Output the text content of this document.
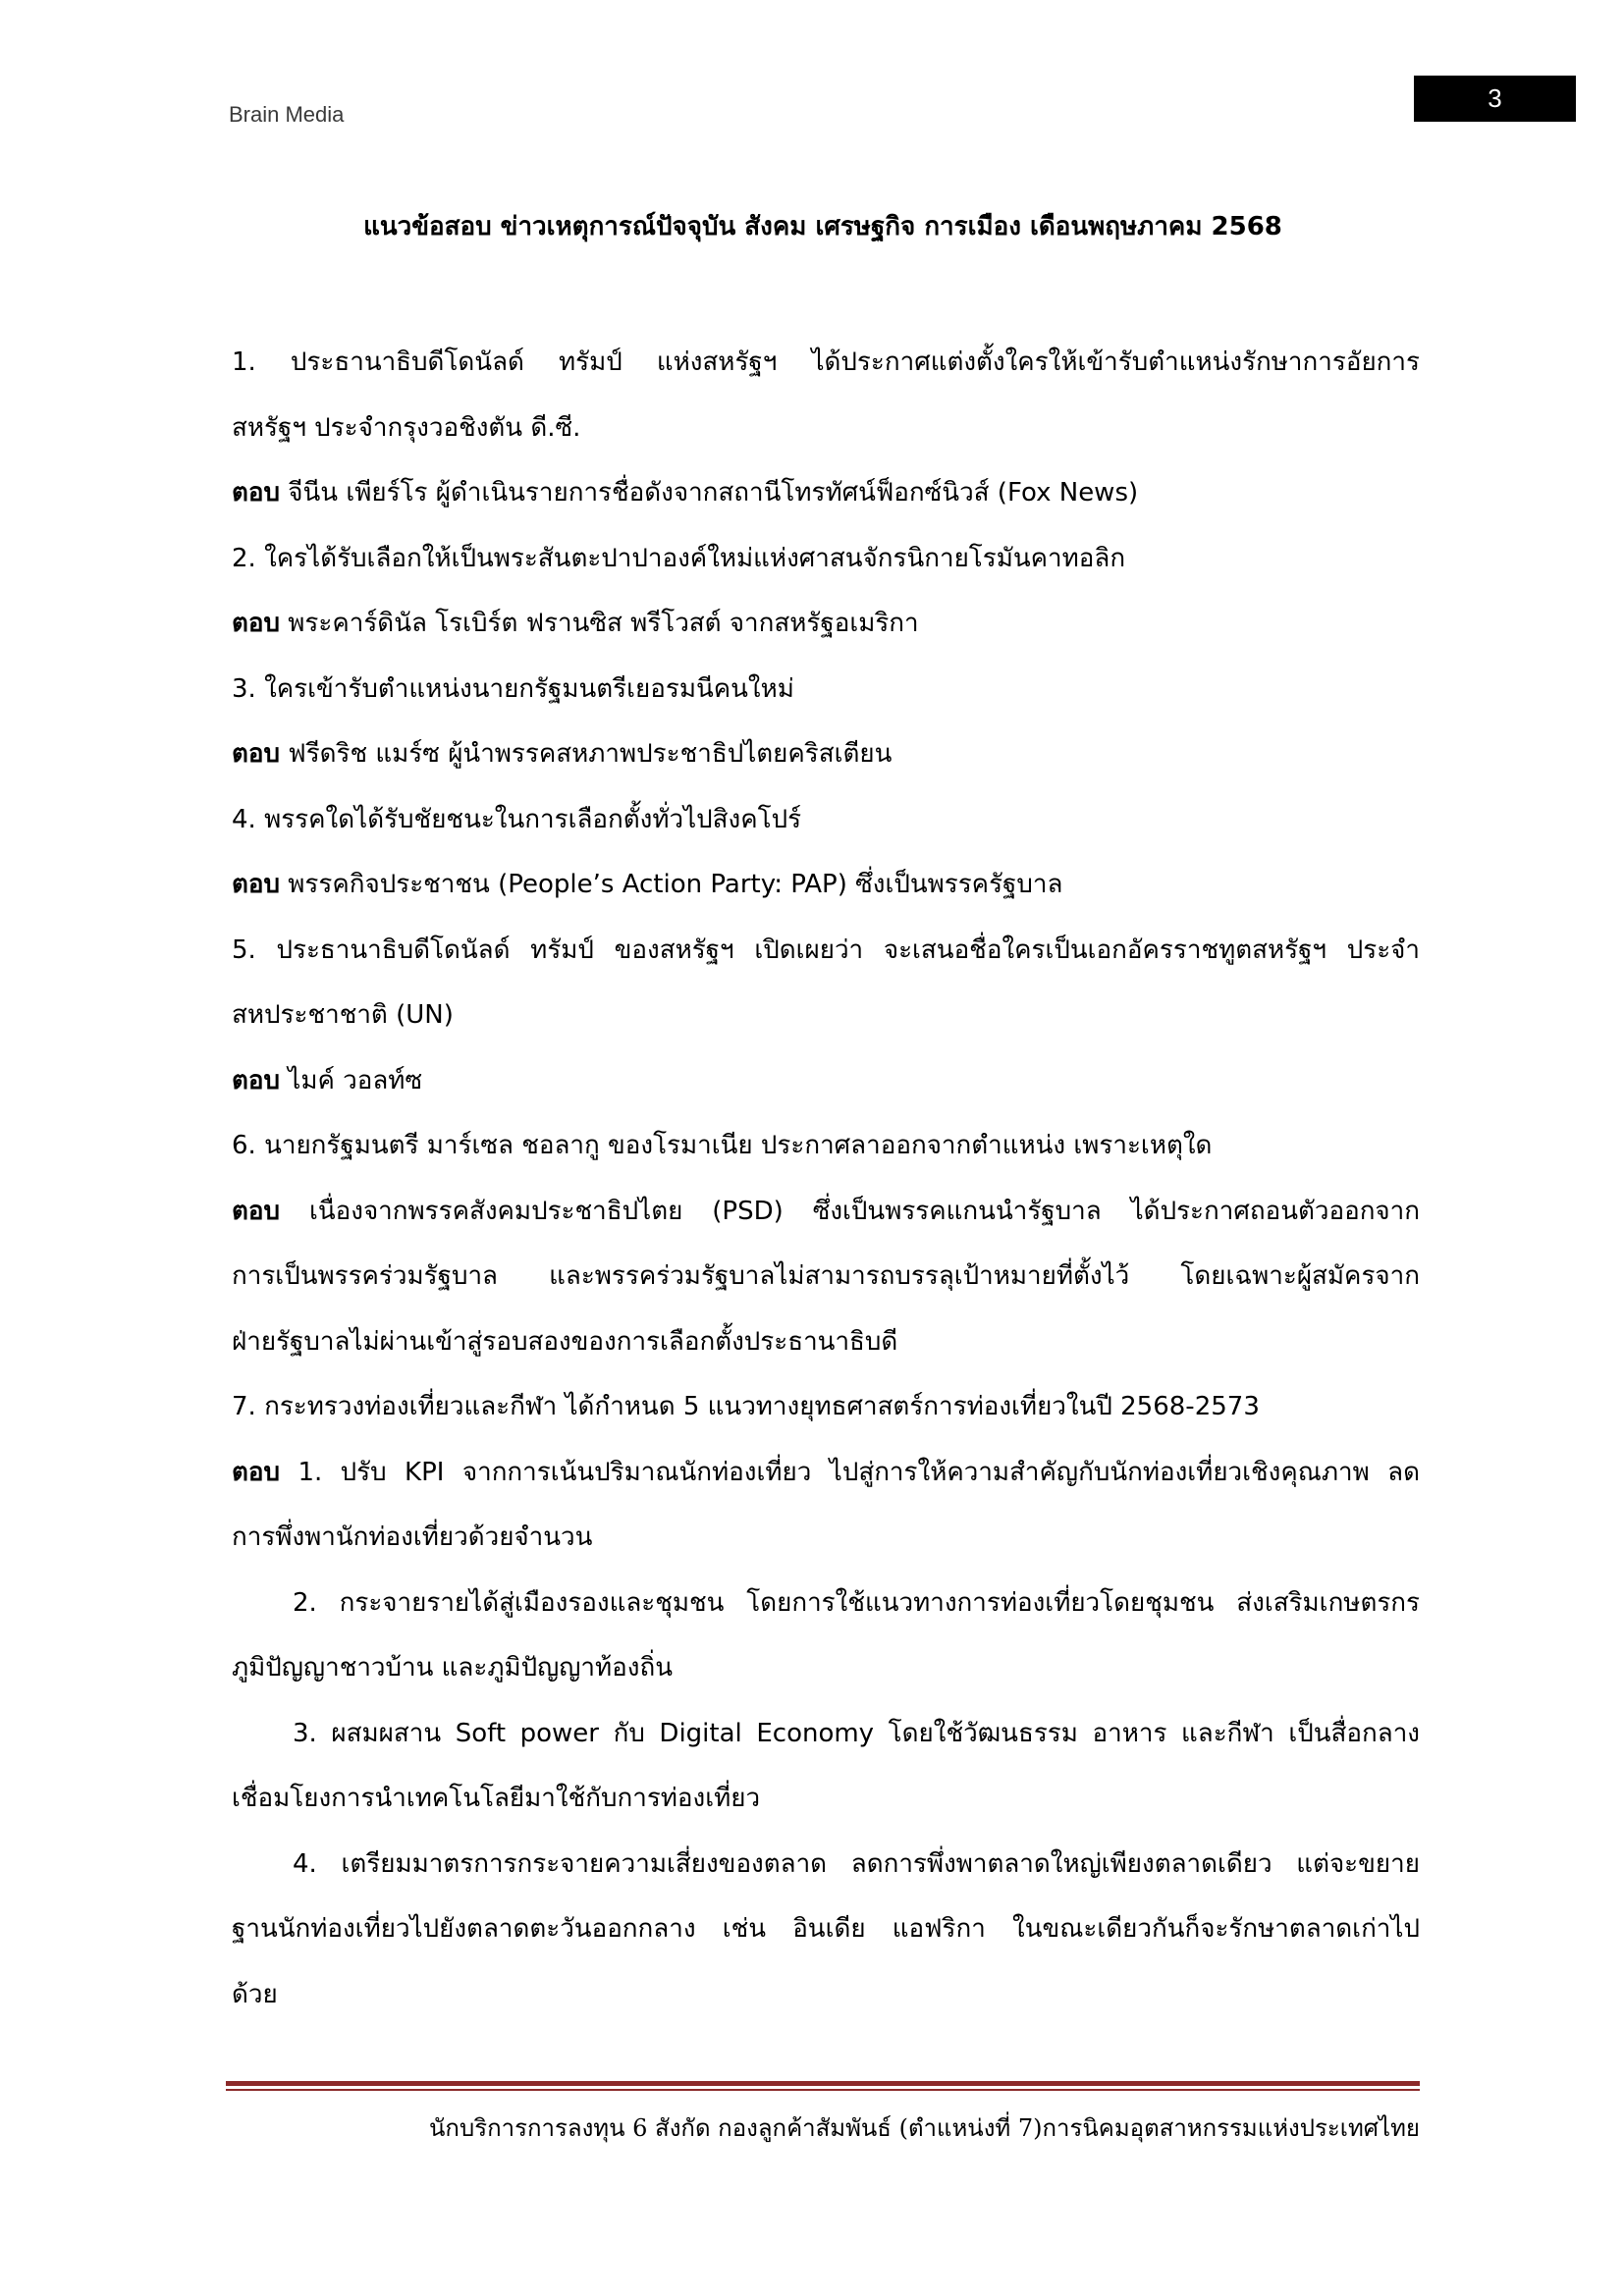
Brain Media
3
แนวข้อสอบ ข่าวเหตุการณ์ปัจจุบัน สังคม เศรษฐกิจ การเมือง เดือนพฤษภาคม 2568
1. ประธานาธิบดีโดนัลด์ ทรัมป์ แห่งสหรัฐฯ ได้ประกาศแต่งตั้งใครให้เข้ารับตำแหน่งรักษาการอัยการ
สหรัฐฯ ประจำกรุงวอชิงตัน ดี.ซี.
ตอบ จีนีน เพียร์โร ผู้ดำเนินรายการชื่อดังจากสถานีโทรทัศน์ฟ็อกซ์นิวส์ (Fox News)
2. ใครได้รับเลือกให้เป็นพระสันตะปาปาองค์ใหม่แห่งศาสนจักรนิกายโรมันคาทอลิก
ตอบ พระคาร์ดินัล โรเบิร์ต ฟรานซิส พรีโวสต์ จากสหรัฐอเมริกา
3. ใครเข้ารับตำแหน่งนายกรัฐมนตรีเยอรมนีคนใหม่
ตอบ ฟรีดริช แมร์ซ ผู้นำพรรคสหภาพประชาธิปไตยคริสเตียน
4. พรรคใดได้รับชัยชนะในการเลือกตั้งทั่วไปสิงคโปร์
ตอบ พรรคกิจประชาชน (People’s Action Party: PAP) ซึ่งเป็นพรรครัฐบาล
5. ประธานาธิบดีโดนัลด์ ทรัมป์ ของสหรัฐฯ เปิดเผยว่า จะเสนอชื่อใครเป็นเอกอัครราชทูตสหรัฐฯ ประจำ
สหประชาชาติ (UN)
ตอบ ไมค์ วอลท์ซ
6. นายกรัฐมนตรี มาร์เซล ชอลากู ของโรมาเนีย ประกาศลาออกจากตำแหน่ง เพราะเหตุใด
ตอบ เนื่องจากพรรคสังคมประชาธิปไตย (PSD) ซึ่งเป็นพรรคแกนนำรัฐบาล ได้ประกาศถอนตัวออกจาก
การเป็นพรรคร่วมรัฐบาล และพรรคร่วมรัฐบาลไม่สามารถบรรลุเป้าหมายที่ตั้งไว้ โดยเฉพาะผู้สมัครจาก
ฝ่ายรัฐบาลไม่ผ่านเข้าสู่รอบสองของการเลือกตั้งประธานาธิบดี
7. กระทรวงท่องเที่ยวและกีฬา ได้กำหนด 5 แนวทางยุทธศาสตร์การท่องเที่ยวในปี 2568-2573
ตอบ 1. ปรับ KPI จากการเน้นปริมาณนักท่องเที่ยว ไปสู่การให้ความสำคัญกับนักท่องเที่ยวเชิงคุณภาพ ลด
การพึ่งพานักท่องเที่ยวด้วยจำนวน
2. กระจายรายได้สู่เมืองรองและชุมชน โดยการใช้แนวทางการท่องเที่ยวโดยชุมชน ส่งเสริมเกษตรกร
ภูมิปัญญาชาวบ้าน และภูมิปัญญาท้องถิ่น
3. ผสมผสาน Soft power กับ Digital Economy โดยใช้วัฒนธรรม อาหาร และกีฬา เป็นสื่อกลาง
เชื่อมโยงการนำเทคโนโลยีมาใช้กับการท่องเที่ยว
4. เตรียมมาตรการกระจายความเสี่ยงของตลาด ลดการพึ่งพาตลาดใหญ่เพียงตลาดเดียว แต่จะขยาย
ฐานนักท่องเที่ยวไปยังตลาดตะวันออกกลาง เช่น อินเดีย แอฟริกา ในขณะเดียวกันก็จะรักษาตลาดเก่าไป
ด้วย
นักบริการการลงทุน 6 สังกัด กองลูกค้าสัมพันธ์ (ตำแหน่งที่ 7)การนิคมอุตสาหกรรมแห่งประเทศไทย
